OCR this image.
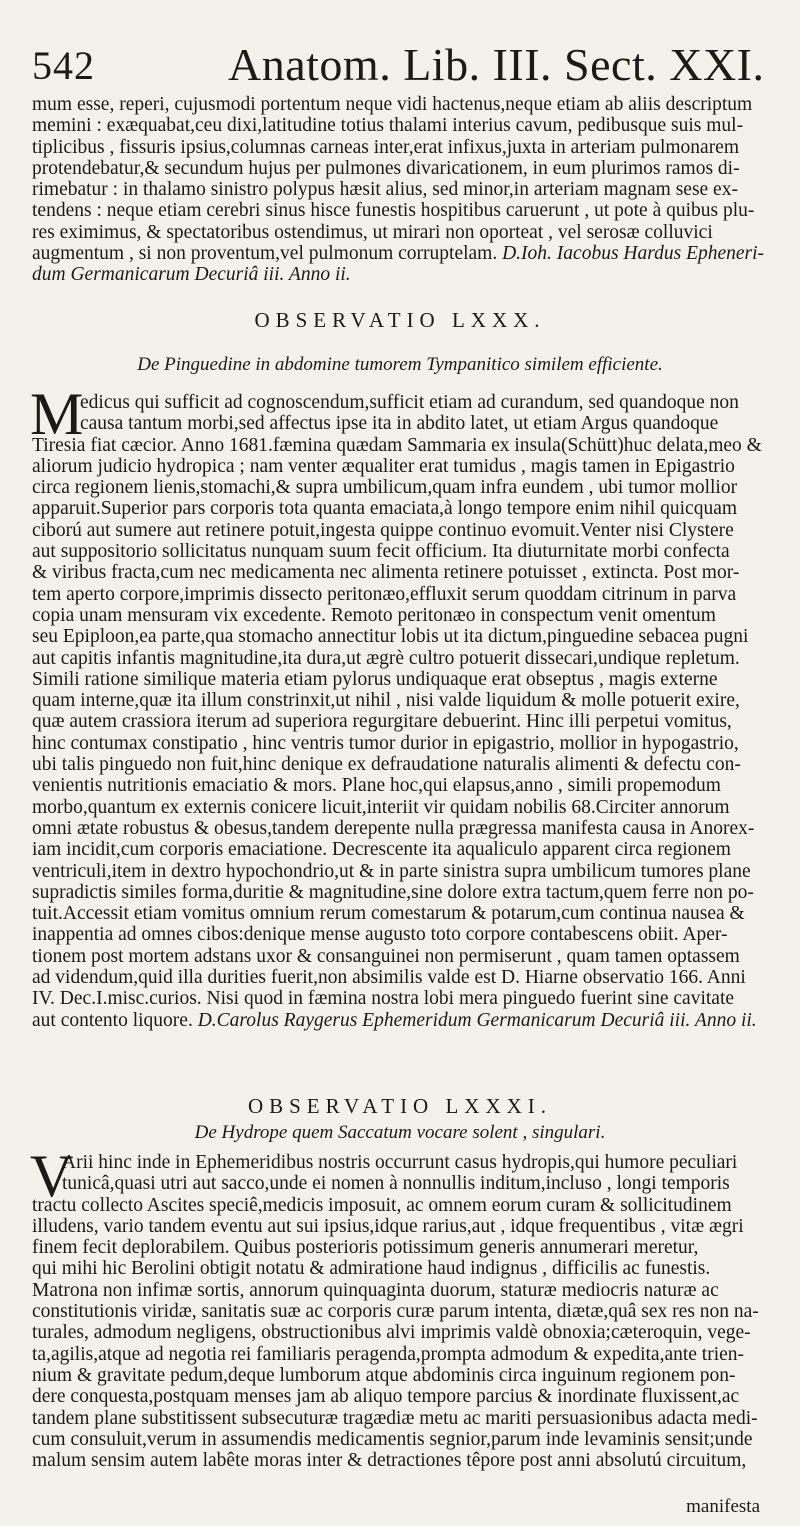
542	Anatom. Lib. III. Sect. XXI.
mum esse, reperi, cujusmodi portentum neque vidi hactenus,neque etiam ab aliis descriptum
memini : exæquabat,ceu dixi,latitudine totius thalami interius cavum, pedibusque suis mul-
tiplicibus , fissuris ipsius,columnas carneas inter,erat infixus,juxta in arteriam pulmonarem
protendebatur,& secundum hujus per pulmones divaricationem, in eum plurimos ramos di-
rimebatur : in thalamo sinistro polypus hæsit alius, sed minor,in arteriam magnam sese ex-
tendens : neque etiam cerebri sinus hisce funestis hospitibus caruerunt , ut pote à quibus plu-
res eximimus, & spectatoribus ostendimus, ut mirari non oporteat , vel serosæ colluvici
augmentum , si non proventum,vel pulmonum corruptelam. D.Ioh. Iacobus Hardus Epheneri-
dum Germanicarum Decuriâ iii. Anno ii.
OBSERVATIO LXXX.
De Pinguedine in abdomine tumorem Tympanitico similem efficiente.
M
edicus qui sufficit ad cognoscendum,sufficit etiam ad curandum, sed quandoque non
causa tantum morbi,sed affectus ipse ita in abdito latet, ut etiam Argus quandoque
Tiresia fiat cæcior. Anno 1681.fæmina quædam Sammaria ex insula(Schütt)huc delata,meo &
aliorum judicio hydropica ; nam venter æqualiter erat tumidus , magis tamen in Epigastrio
circa regionem lienis,stomachi,& supra umbilicum,quam infra eundem , ubi tumor mollior
apparuit.Superior pars corporis tota quanta emaciata,à longo tempore enim nihil quicquam
ciború aut sumere aut retinere potuit,ingesta quippe continuo evomuit.Venter nisi Clystere
aut suppositorio sollicitatus nunquam suum fecit officium. Ita diuturnitate morbi confecta
& viribus fracta,cum nec medicamenta nec alimenta retinere potuisset , extincta. Post mor-
tem aperto corpore,imprimis dissecto peritonæo,effluxit serum quoddam citrinum in parva
copia unam mensuram vix excedente. Remoto peritonæo in conspectum venit omentum
seu Epiploon,ea parte,qua stomacho annectitur lobis ut ita dictum,pinguedine sebacea pugni
aut capitis infantis magnitudine,ita dura,ut ægrè cultro potuerit dissecari,undique repletum.
Simili ratione similique materia etiam pylorus undiquaque erat obseptus , magis externe
quam interne,quæ ita illum constrinxit,ut nihil , nisi valde liquidum & molle potuerit exire,
quæ autem crassiora iterum ad superiora regurgitare debuerint. Hinc illi perpetui vomitus,
hinc contumax constipatio , hinc ventris tumor durior in epigastrio, mollior in hypogastrio,
ubi talis pinguedo non fuit,hinc denique ex defraudatione naturalis alimenti & defectu con-
venientis nutritionis emaciatio & mors. Plane hoc,qui elapsus,anno , simili propemodum
morbo,quantum ex externis conicere licuit,interiit vir quidam nobilis 68.Circiter annorum
omni ætate robustus & obesus,tandem derepente nulla prægressa manifesta causa in Anorex-
iam incidit,cum corporis emaciatione. Decrescente ita aqualiculo apparent circa regionem
ventriculi,item in dextro hypochondrio,ut & in parte sinistra supra umbilicum tumores plane
supradictis similes forma,duritie & magnitudine,sine dolore extra tactum,quem ferre non po-
tuit.Accessit etiam vomitus omnium rerum comestarum & potarum,cum continua nausea &
inappentia ad omnes cibos:denique mense augusto toto corpore contabescens obiit. Aper-
tionem post mortem adstans uxor & consanguinei non permiserunt , quam tamen optassem
ad videndum,quid illa durities fuerit,non absimilis valde est D. Hiarne observatio 166. Anni
IV. Dec.I.misc.curios. Nisi quod in fæmina nostra lobi mera pinguedo fuerint sine cavitate
aut contento liquore. D.Carolus Raygerus Ephemeridum Germanicarum Decuriâ iii. Anno ii.
OBSERVATIO LXXXI.
De Hydrope quem Saccatum vocare solent , singulari.
V
Arii hinc inde in Ephemeridibus nostris occurrunt casus hydropis,qui humore peculiari
tunicâ,quasi utri aut sacco,unde ei nomen à nonnullis inditum,incluso , longi temporis
tractu collecto Ascites speciê,medicis imposuit, ac omnem eorum curam & sollicitudinem
illudens, vario tandem eventu aut sui ipsius,idque rarius,aut , idque frequentibus , vitæ ægri
finem fecit deplorabilem. Quibus posterioris potissimum generis annumerari meretur,
qui mihi hic Berolini obtigit notatu & admiratione haud indignus , difficilis ac funestis.
Matrona non infimæ sortis, annorum quinquaginta duorum, staturæ mediocris naturæ ac
constitutionis viridæ, sanitatis suæ ac corporis curæ parum intenta, diætæ,quâ sex res non na-
turales, admodum negligens, obstructionibus alvi imprimis valdè obnoxia;cæteroquin, vege-
ta,agilis,atque ad negotia rei familiaris peragenda,prompta admodum & expedita,ante trien-
nium & gravitate pedum,deque lumborum atque abdominis circa inguinum regionem pon-
dere conquesta,postquam menses jam ab aliquo tempore parcius & inordinate fluxissent,ac
tandem plane substitissent subsecuturæ tragædiæ metu ac mariti persuasionibus adacta medi-
cum consuluit,verum in assumendis medicamentis segnior,parum inde levaminis sensit;unde
malum sensim autem labête moras inter & detractiones têpore post anni absolutú circuitum,
manifesta
